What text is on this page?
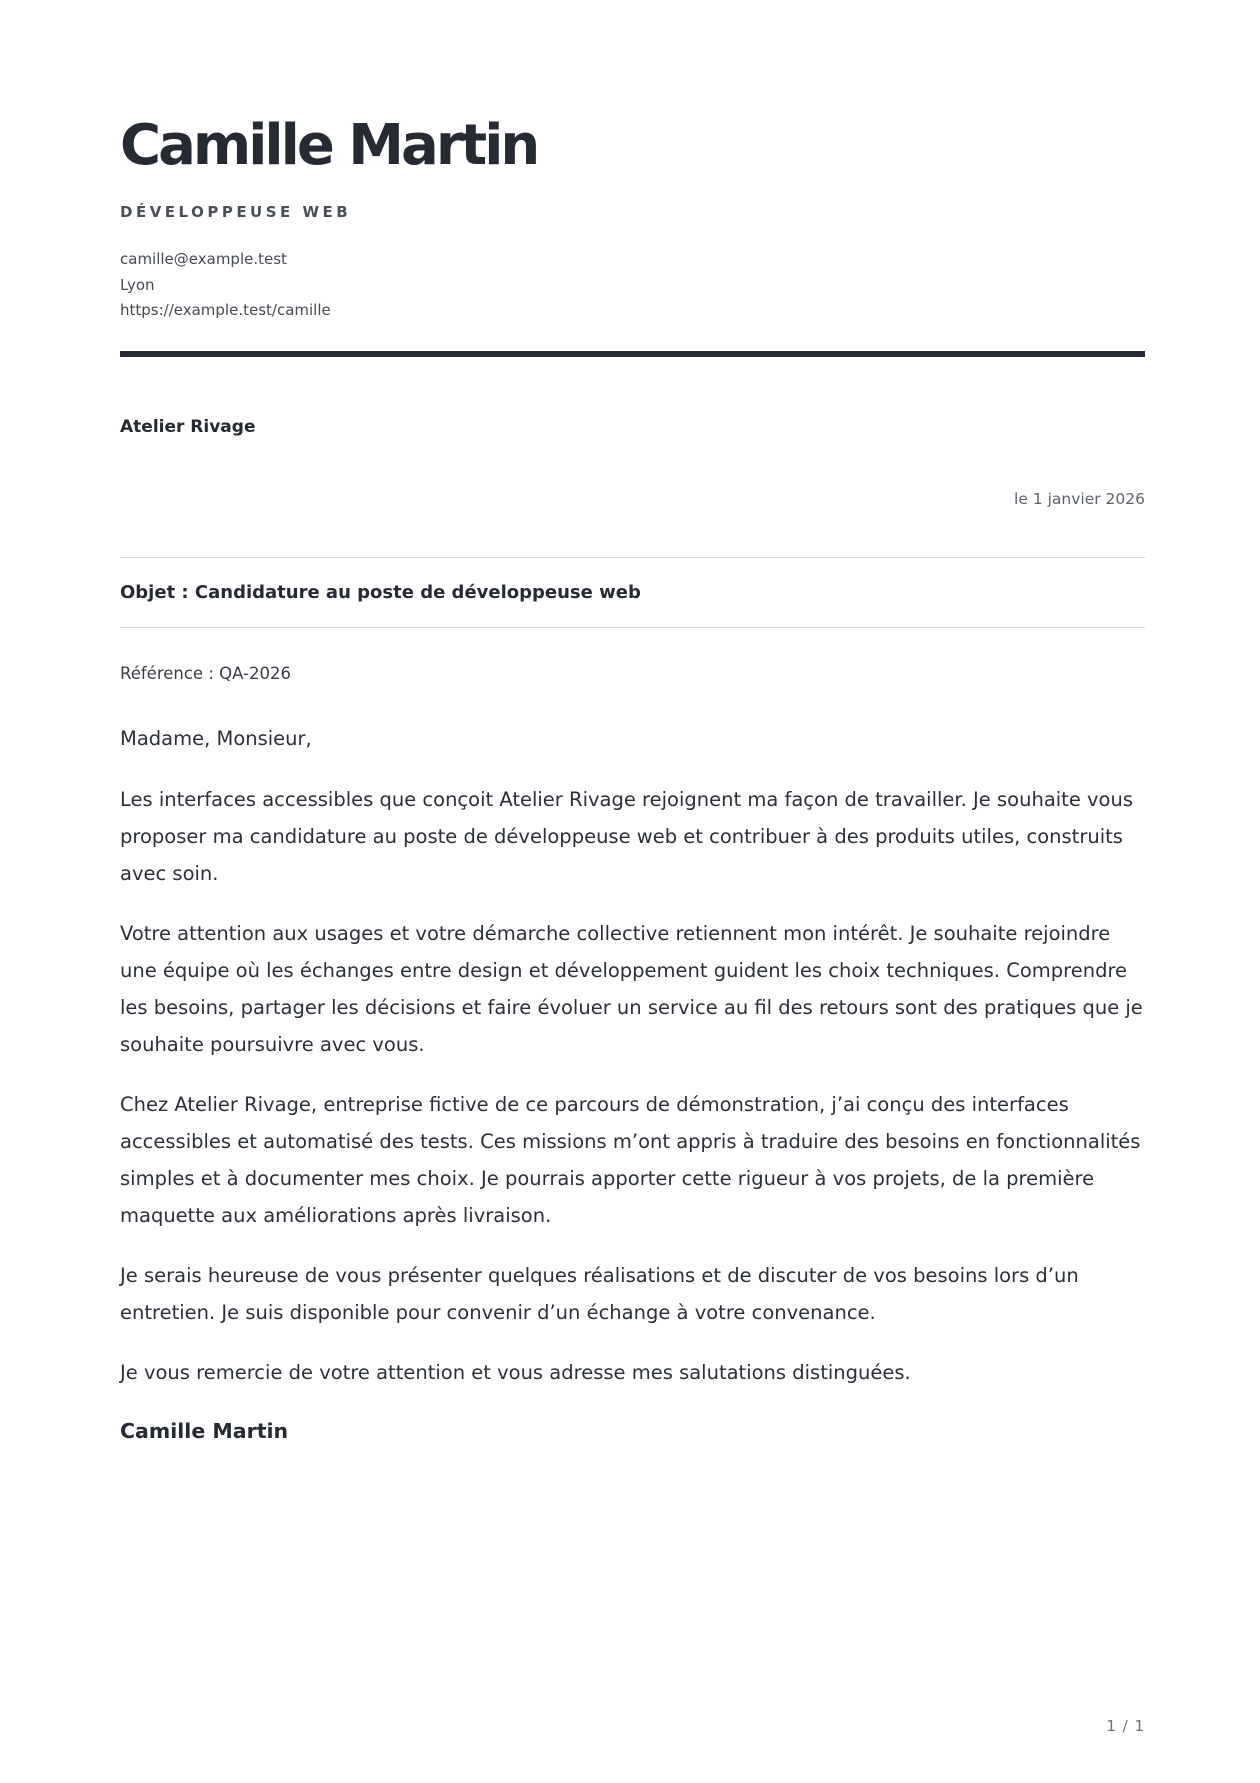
Camille Martin
DÉVELOPPEUSE WEB
camille@example.test
Lyon
https://example.test/camille
Atelier Rivage
le 1 janvier 2026
Objet : Candidature au poste de développeuse web
Référence : QA-2026
Madame, Monsieur,

Les interfaces accessibles que conçoit Atelier Rivage rejoignent ma façon de travailler. Je souhaite vous proposer ma candidature au poste de développeuse web et contribuer à des produits utiles, construits avec soin.

Votre attention aux usages et votre démarche collective retiennent mon intérêt. Je souhaite rejoindre une équipe où les échanges entre design et développement guident les choix techniques. Comprendre les besoins, partager les décisions et faire évoluer un service au fil des retours sont des pratiques que je souhaite poursuivre avec vous.

Chez Atelier Rivage, entreprise fictive de ce parcours de démonstration, j’ai conçu des interfaces accessibles et automatisé des tests. Ces missions m’ont appris à traduire des besoins en fonctionnalités simples et à documenter mes choix. Je pourrais apporter cette rigueur à vos projets, de la première maquette aux améliorations après livraison.

Je serais heureuse de vous présenter quelques réalisations et de discuter de vos besoins lors d’un entretien. Je suis disponible pour convenir d’un échange à votre convenance.

Je vous remercie de votre attention et vous adresse mes salutations distinguées.

Camille Martin
1 / 1
